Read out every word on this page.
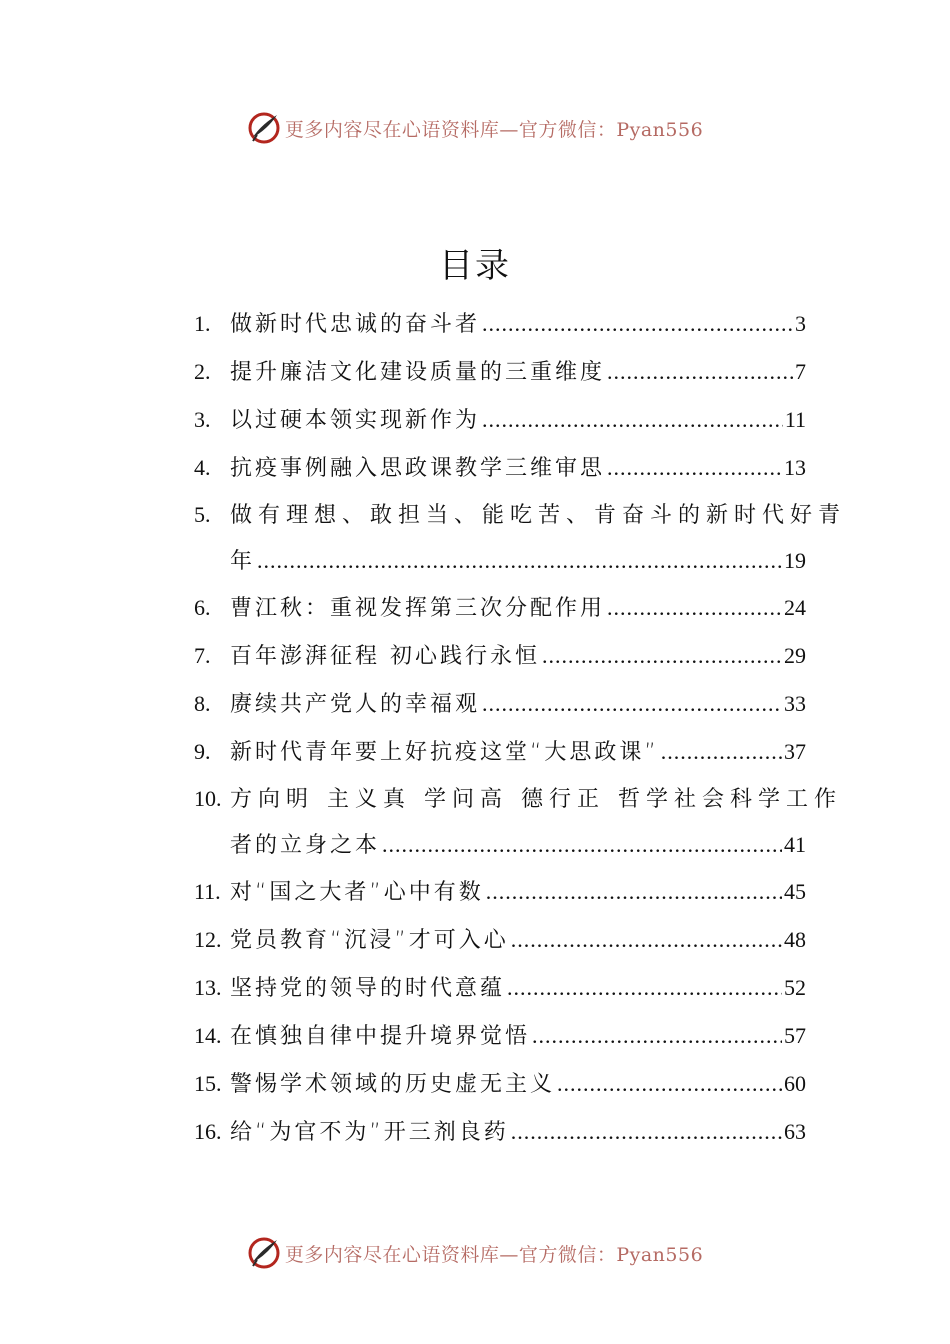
更多内容尽在心语资料库—官方微信：Pyan556
目录
1. 做新时代忠诚的奋斗者 .....	3
2. 提升廉洁文化建设质量的三重维度 .....	7
3. 以过硬本领实现新作为 .....	11
4. 抗疫事例融入思政课教学三维审思 .....	13
5. 做有理想、敢担当、能吃苦、肯奋斗的新时代好青
年 .....	19
6. 曹江秋：重视发挥第三次分配作用 .....	24
7. 百年澎湃征程 初心践行永恒 .....	29
8. 赓续共产党人的幸福观 .....	33
9. 新时代青年要上好抗疫这堂“大思政课” .....	37
10. 方向明 主义真 学问高 德行正 哲学社会科学工作
者的立身之本 .....	41
11. 对“国之大者”心中有数 .....	45
12. 党员教育“沉浸”才可入心 .....	48
13. 坚持党的领导的时代意蕴 .....	52
14. 在慎独自律中提升境界觉悟 .....	57
15. 警惕学术领域的历史虚无主义 .....	60
16. 给“为官不为”开三剂良药 .....	63
更多内容尽在心语资料库—官方微信：Pyan556
